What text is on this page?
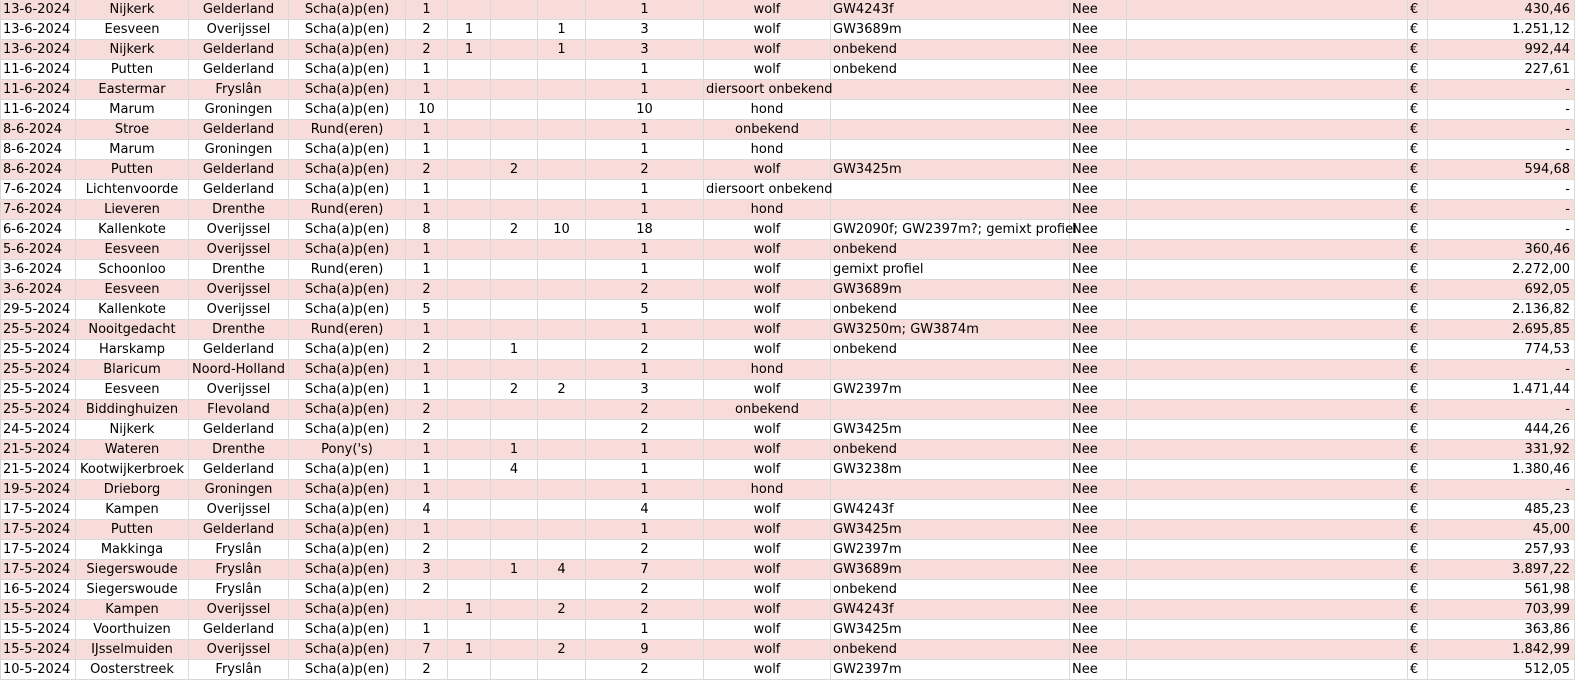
13-6-2024	Nijkerk	Gelderland	Scha(a)p(en)	1				1	wolf	GW4243f	Nee		€	430,46
13-6-2024	Eesveen	Overijssel	Scha(a)p(en)	2	1		1	3	wolf	GW3689m	Nee		€	1.251,12
13-6-2024	Nijkerk	Gelderland	Scha(a)p(en)	2	1		1	3	wolf	onbekend	Nee		€	992,44
11-6-2024	Putten	Gelderland	Scha(a)p(en)	1				1	wolf	onbekend	Nee		€	227,61
11-6-2024	Eastermar	Fryslân	Scha(a)p(en)	1				1	diersoort onbekend		Nee		€	-
11-6-2024	Marum	Groningen	Scha(a)p(en)	10				10	hond		Nee		€	-
8-6-2024	Stroe	Gelderland	Rund(eren)	1				1	onbekend		Nee		€	-
8-6-2024	Marum	Groningen	Scha(a)p(en)	1				1	hond		Nee		€	-
8-6-2024	Putten	Gelderland	Scha(a)p(en)	2		2		2	wolf	GW3425m	Nee		€	594,68
7-6-2024	Lichtenvoorde	Gelderland	Scha(a)p(en)	1				1	diersoort onbekend		Nee		€	-
7-6-2024	Lieveren	Drenthe	Rund(eren)	1				1	hond		Nee		€	-
6-6-2024	Kallenkote	Overijssel	Scha(a)p(en)	8		2	10	18	wolf	GW2090f; GW2397m?; gemixt profiel	Nee		€	-
5-6-2024	Eesveen	Overijssel	Scha(a)p(en)	1				1	wolf	onbekend	Nee		€	360,46
3-6-2024	Schoonloo	Drenthe	Rund(eren)	1				1	wolf	gemixt profiel	Nee		€	2.272,00
3-6-2024	Eesveen	Overijssel	Scha(a)p(en)	2				2	wolf	GW3689m	Nee		€	692,05
29-5-2024	Kallenkote	Overijssel	Scha(a)p(en)	5				5	wolf	onbekend	Nee		€	2.136,82
25-5-2024	Nooitgedacht	Drenthe	Rund(eren)	1				1	wolf	GW3250m; GW3874m	Nee		€	2.695,85
25-5-2024	Harskamp	Gelderland	Scha(a)p(en)	2		1		2	wolf	onbekend	Nee		€	774,53
25-5-2024	Blaricum	Noord-Holland	Scha(a)p(en)	1				1	hond		Nee		€	-
25-5-2024	Eesveen	Overijssel	Scha(a)p(en)	1		2	2	3	wolf	GW2397m	Nee		€	1.471,44
25-5-2024	Biddinghuizen	Flevoland	Scha(a)p(en)	2				2	onbekend		Nee		€	-
24-5-2024	Nijkerk	Gelderland	Scha(a)p(en)	2				2	wolf	GW3425m	Nee		€	444,26
21-5-2024	Wateren	Drenthe	Pony('s)	1		1		1	wolf	onbekend	Nee		€	331,92
21-5-2024	Kootwijkerbroek	Gelderland	Scha(a)p(en)	1		4		1	wolf	GW3238m	Nee		€	1.380,46
19-5-2024	Drieborg	Groningen	Scha(a)p(en)	1				1	hond		Nee		€	-
17-5-2024	Kampen	Overijssel	Scha(a)p(en)	4				4	wolf	GW4243f	Nee		€	485,23
17-5-2024	Putten	Gelderland	Scha(a)p(en)	1				1	wolf	GW3425m	Nee		€	45,00
17-5-2024	Makkinga	Fryslân	Scha(a)p(en)	2				2	wolf	GW2397m	Nee		€	257,93
17-5-2024	Siegerswoude	Fryslân	Scha(a)p(en)	3		1	4	7	wolf	GW3689m	Nee		€	3.897,22
16-5-2024	Siegerswoude	Fryslân	Scha(a)p(en)	2				2	wolf	onbekend	Nee		€	561,98
15-5-2024	Kampen	Overijssel	Scha(a)p(en)		1		2	2	wolf	GW4243f	Nee		€	703,99
15-5-2024	Voorthuizen	Gelderland	Scha(a)p(en)	1				1	wolf	GW3425m	Nee		€	363,86
15-5-2024	IJsselmuiden	Overijssel	Scha(a)p(en)	7	1		2	9	wolf	onbekend	Nee		€	1.842,99
10-5-2024	Oosterstreek	Fryslân	Scha(a)p(en)	2				2	wolf	GW2397m	Nee		€	512,05
